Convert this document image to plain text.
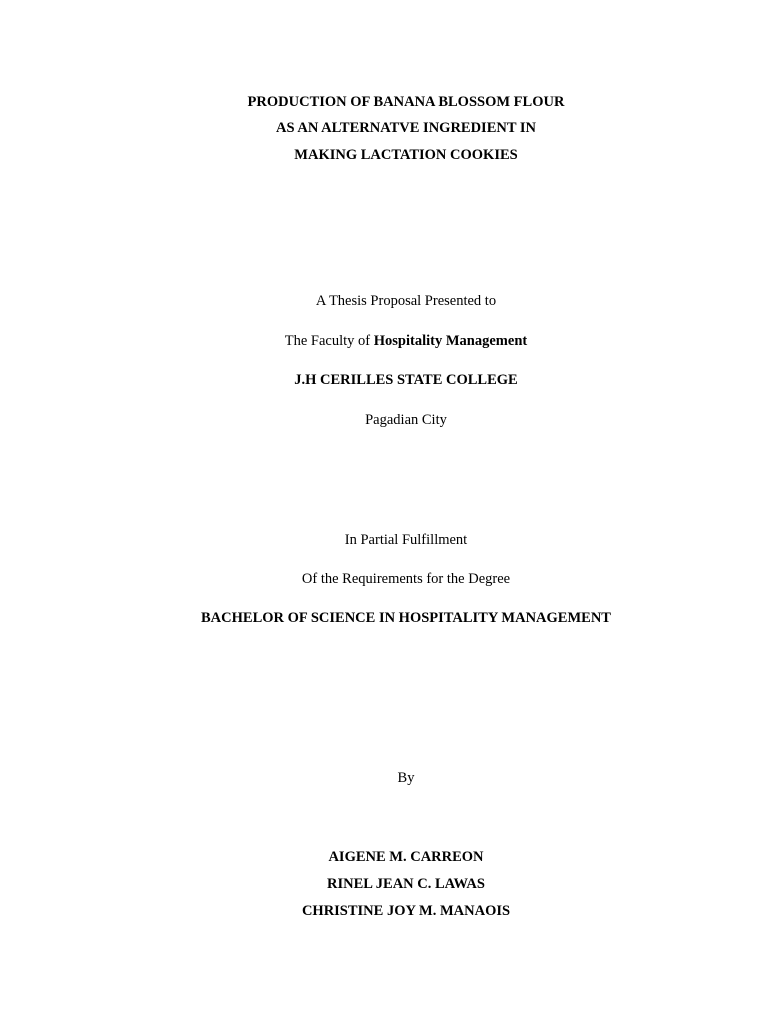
PRODUCTION OF BANANA BLOSSOM FLOUR
AS AN ALTERNATVE INGREDIENT IN
MAKING LACTATION COOKIES
A Thesis Proposal Presented to
The Faculty of Hospitality Management
J.H CERILLES STATE COLLEGE
Pagadian City
In Partial Fulfillment
Of the Requirements for the Degree
BACHELOR OF SCIENCE IN HOSPITALITY MANAGEMENT
By
AIGENE M. CARREON
RINEL JEAN C. LAWAS
CHRISTINE JOY M. MANAOIS
